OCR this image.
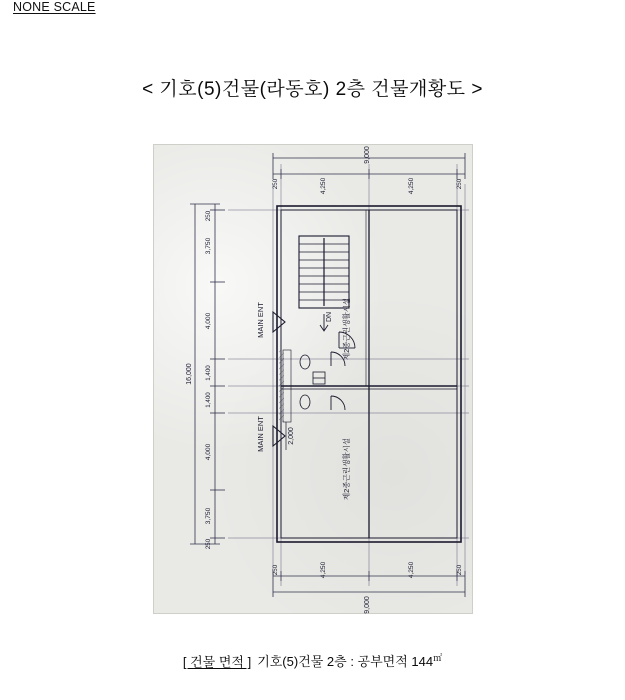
NONE SCALE
< 기호(5)건물(라동호) 2층 건물개황도 >
9,000
250	4,250	4,250	250
250	4,250	4,250	250
9,000
16,000
250
3,750
4,000
1,400
1,400
4,000
3,750
250
DN
MAIN ENT
MAIN ENT	2,000
제2종근린생활시설
제2종근린생활시설
[ 건물 면적 ] 기호(5)건물 2층 : 공부면적 144㎡
